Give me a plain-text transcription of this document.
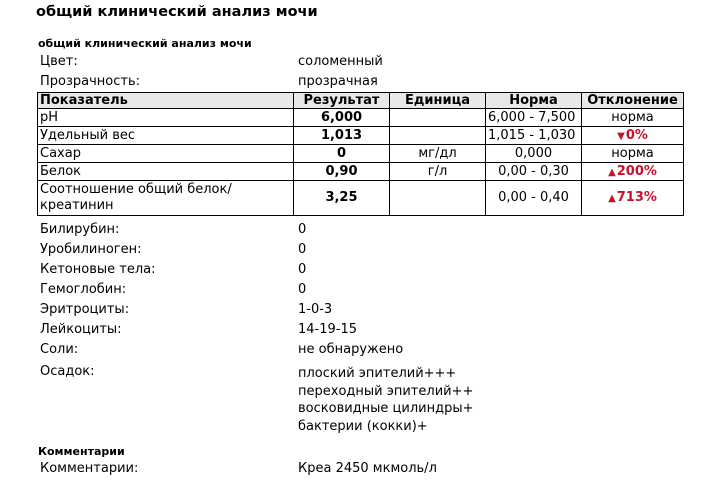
общий клинический анализ мочи
общий клинический анализ мочи
Цвет:	соломенный
Прозрачность:	прозрачная
Показатель	Результат	Единица	Норма	Отклонение
pH	6,000		6,000 - 7,500	норма
Удельный вес	1,013		1,015 - 1,030	▼0%
Сахар	0	мг/дл	0,000	норма
Белок	0,90	г/л	0,00 - 0,30	▲200%
Соотношение общий белок/креатинин	3,25		0,00 - 0,40	▲713%
Билирубин:	0
Уробилиноген:	0
Кетоновые тела:	0
Гемоглобин:	0
Эритроциты:	1-0-3
Лейкоциты:	14-19-15
Соли:	не обнаружено
Осадок:	плоский эпителий+++
переходный эпителий++
восковидные цилиндры+
бактерии (кокки)+
Комментарии
Комментарии:	Креа 2450 мкмоль/л
